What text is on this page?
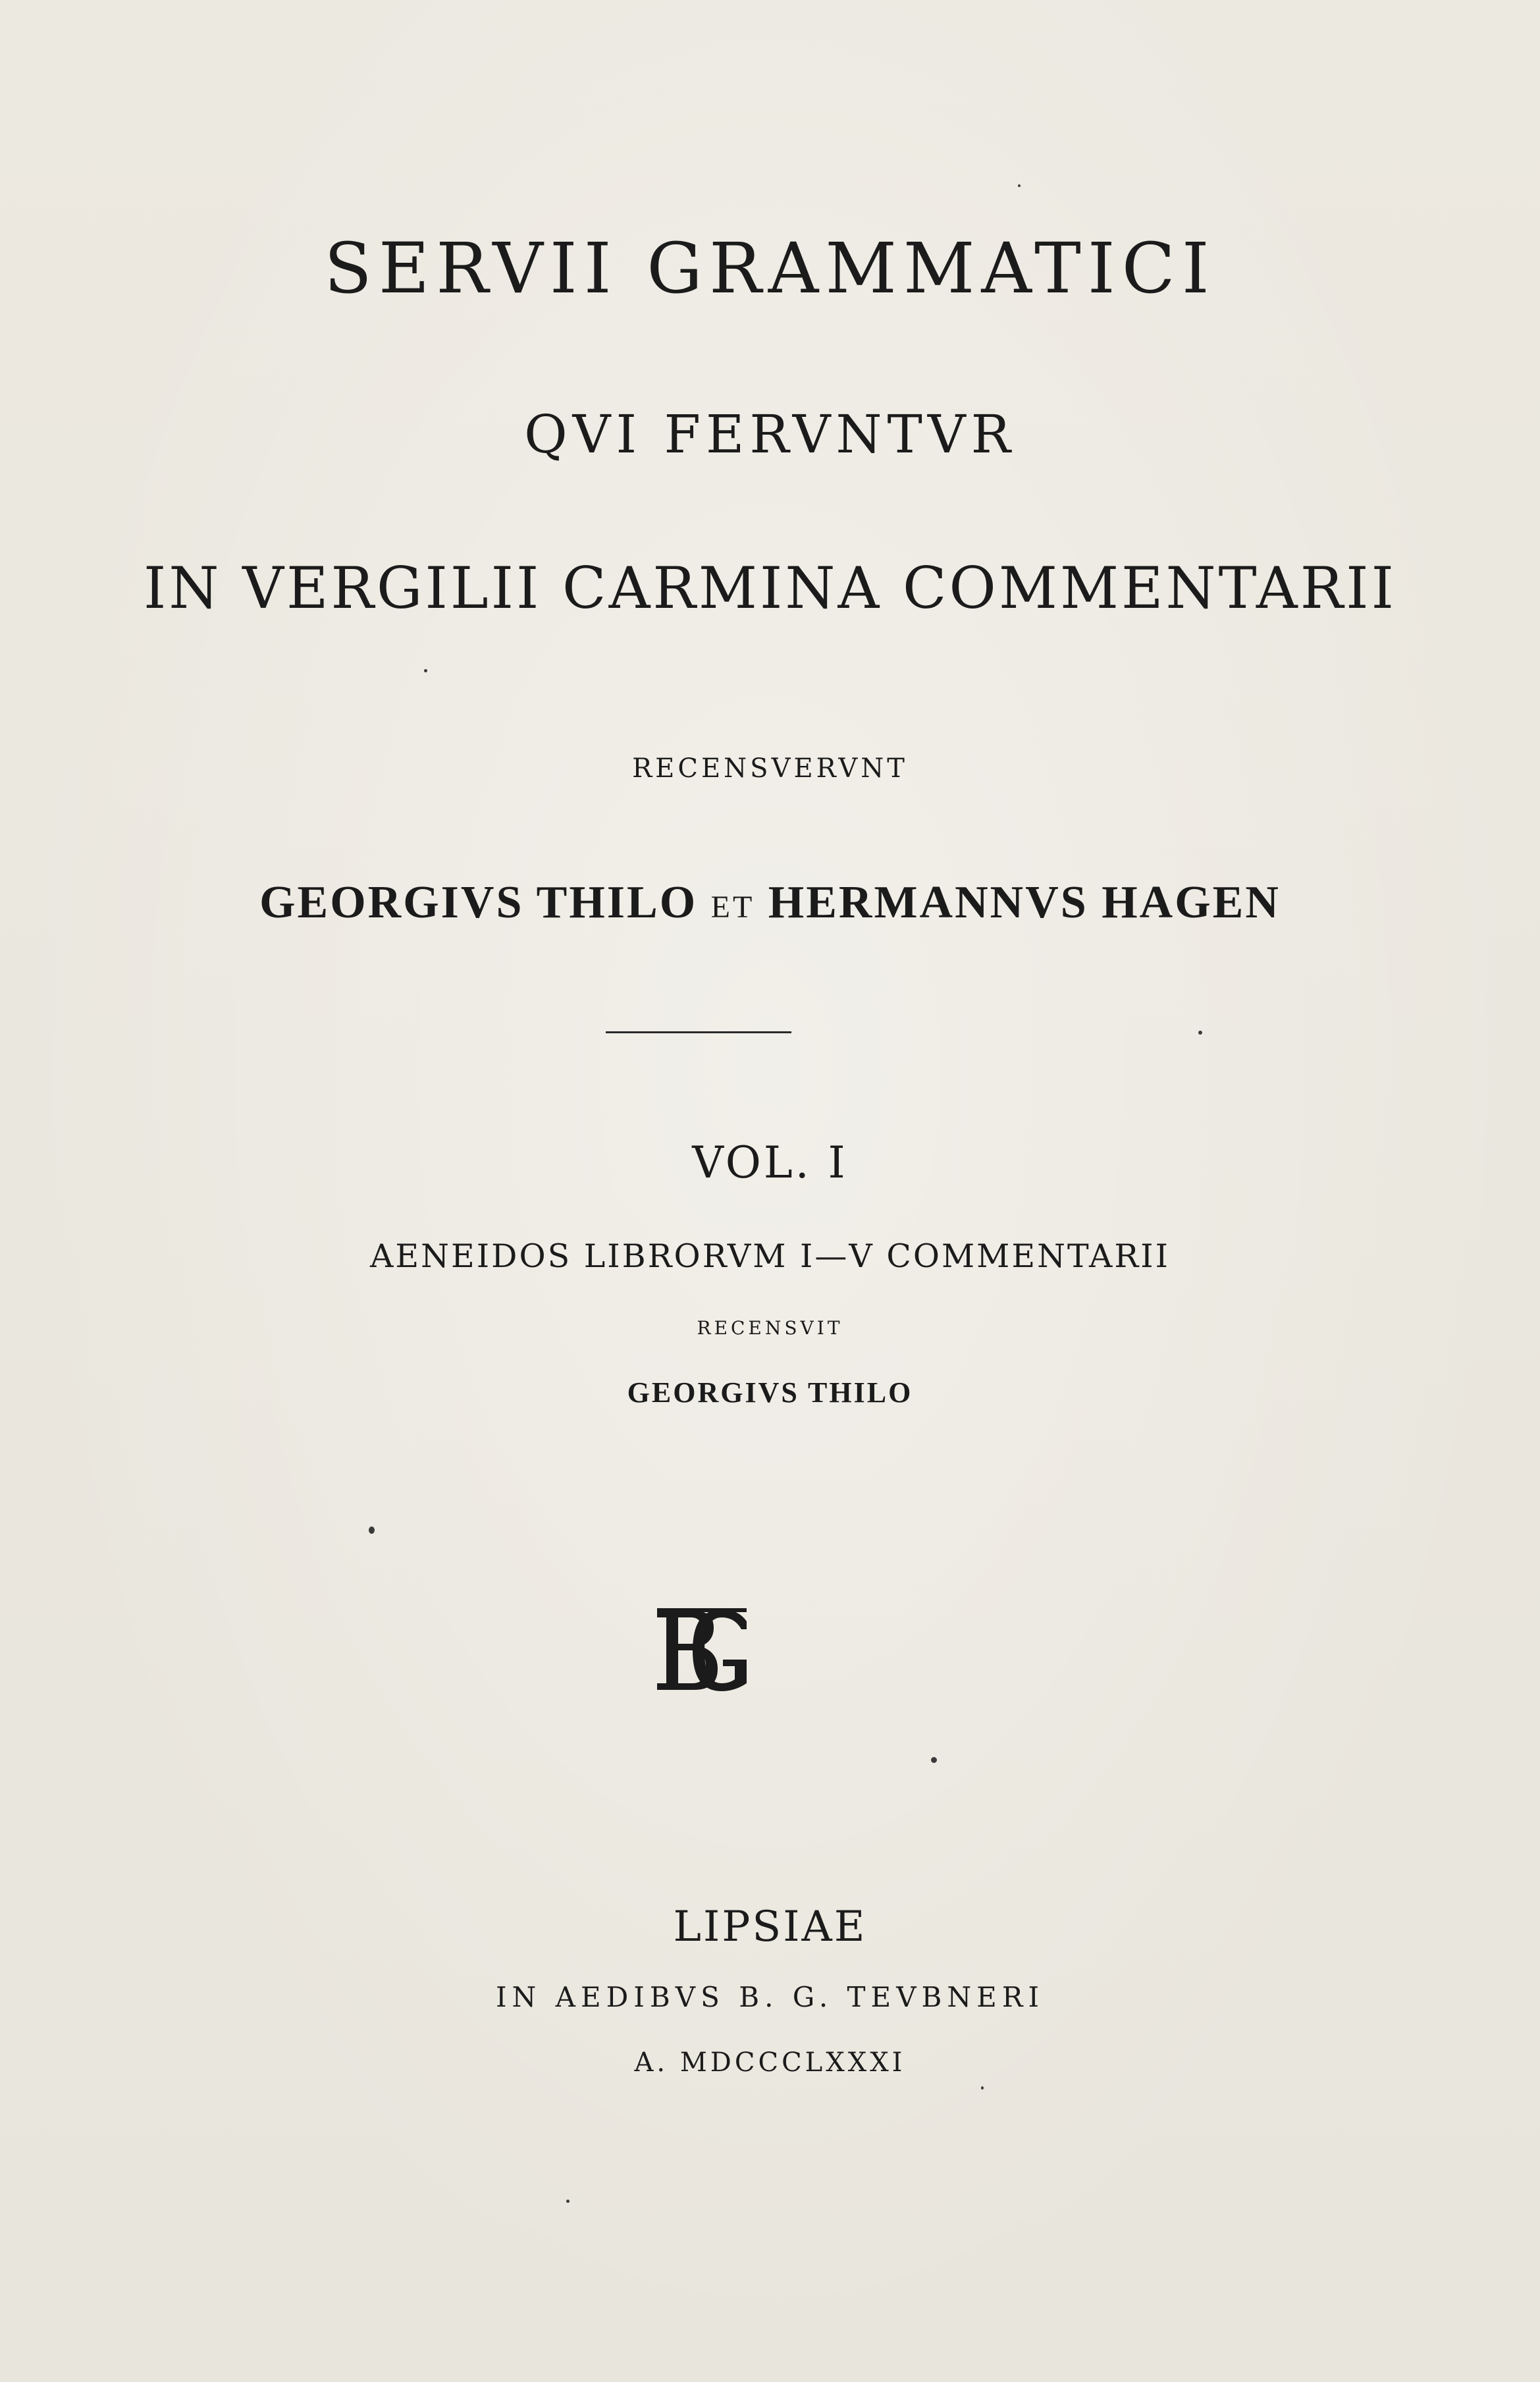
SERVII GRAMMATICI
QVI FERVNTVR
IN VERGILII CARMINA COMMENTARII
RECENSVERVNT
GEORGIVS THILO ET HERMANNVS HAGEN
VOL. I
AENEIDOS LIBRORVM I—V COMMENTARII
RECENSVIT
GEORGIVS THILO
LIPSIAE
IN AEDIBVS B. G. TEVBNERI
A. MDCCCLXXXI
